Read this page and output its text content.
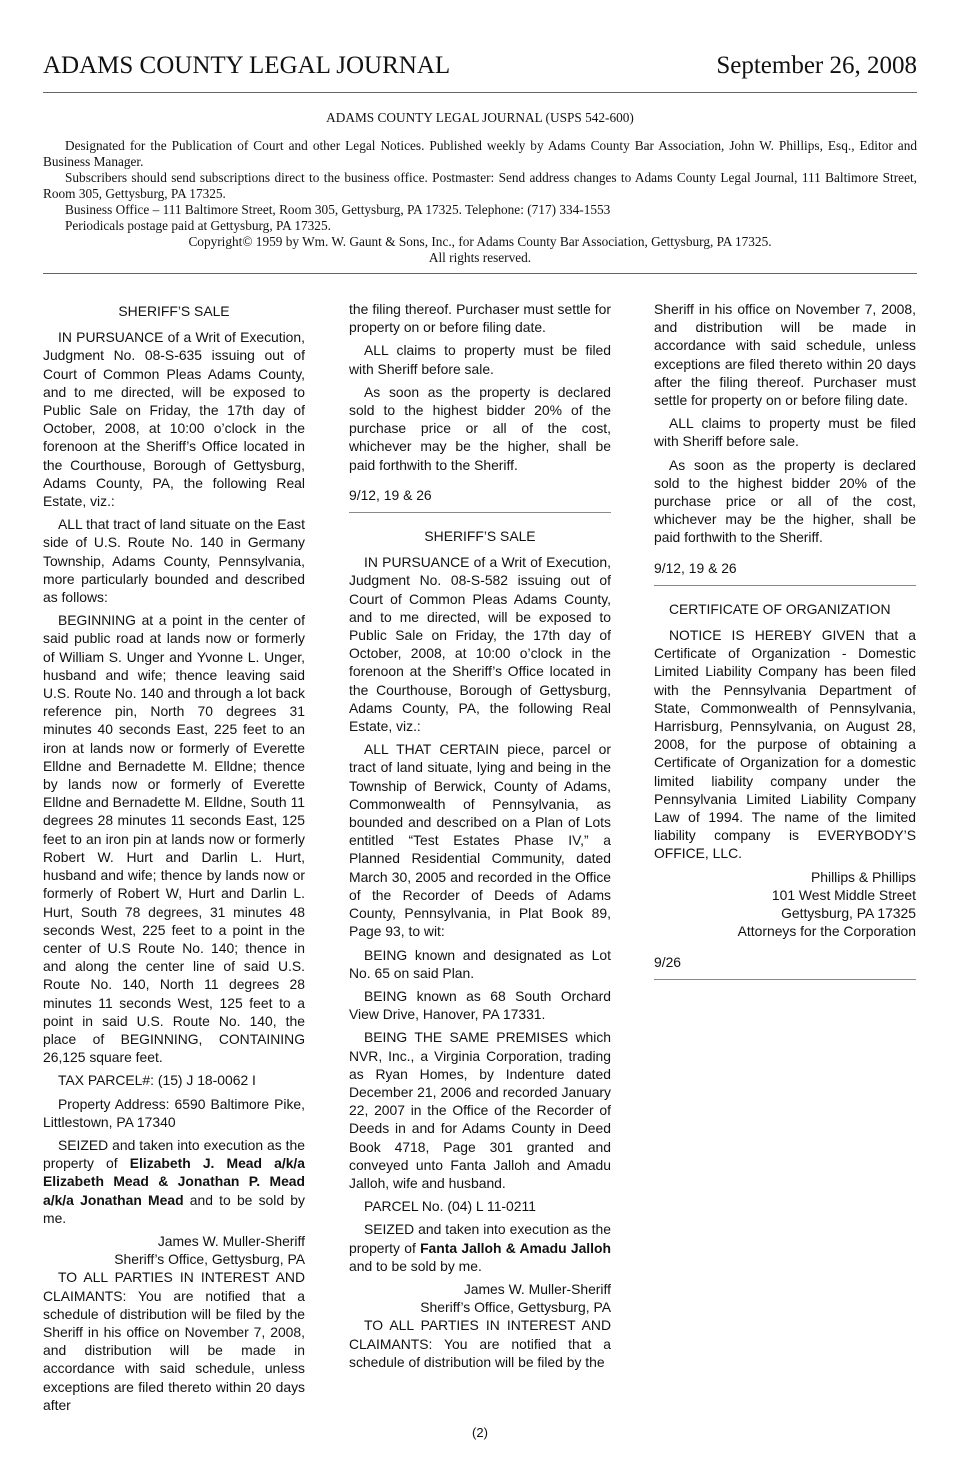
ADAMS COUNTY LEGAL JOURNAL	September 26, 2008
ADAMS COUNTY LEGAL JOURNAL (USPS 542-600)

Designated for the Publication of Court and other Legal Notices. Published weekly by Adams County Bar Association, John W. Phillips, Esq., Editor and Business Manager.

Subscribers should send subscriptions direct to the business office. Postmaster: Send address changes to Adams County Legal Journal, 111 Baltimore Street, Room 305, Gettysburg, PA 17325.

Business Office – 111 Baltimore Street, Room 305, Gettysburg, PA 17325. Telephone: (717) 334-1553

Periodicals postage paid at Gettysburg, PA 17325.

Copyright© 1959 by Wm. W. Gaunt & Sons, Inc., for Adams County Bar Association, Gettysburg, PA 17325.
All rights reserved.
SHERIFF’S SALE

IN PURSUANCE of a Writ of Execution, Judgment No. 08-S-635 issuing out of Court of Common Pleas Adams County, and to me directed, will be exposed to Public Sale on Friday, the 17th day of October, 2008, at 10:00 o’clock in the forenoon at the Sheriff’s Office located in the Courthouse, Borough of Gettysburg, Adams County, PA, the following Real Estate, viz.:

ALL that tract of land situate on the East side of U.S. Route No. 140 in Germany Township, Adams County, Pennsylvania, more particularly bounded and described as follows:

BEGINNING at a point in the center of said public road at lands now or formerly of William S. Unger and Yvonne L. Unger, husband and wife; thence leaving said U.S. Route No. 140 and through a lot back reference pin, North 70 degrees 31 minutes 40 seconds East, 225 feet to an iron at lands now or formerly of Everette Elldne and Bernadette M. Elldne; thence by lands now or formerly of Everette Elldne and Bernadette M. Elldne, South 11 degrees 28 minutes 11 seconds East, 125 feet to an iron pin at lands now or formerly Robert W. Hurt and Darlin L. Hurt, husband and wife; thence by lands now or formerly of Robert W, Hurt and Darlin L. Hurt, South 78 degrees, 31 minutes 48 seconds West, 225 feet to a point in the center of U.S Route No. 140; thence in and along the center line of said U.S. Route No. 140, North 11 degrees 28 minutes 11 seconds West, 125 feet to a point in said U.S. Route No. 140, the place of BEGINNING, CONTAINING 26,125 square feet.

TAX PARCEL#: (15) J 18-0062 I

Property Address: 6590 Baltimore Pike, Littlestown, PA 17340

SEIZED and taken into execution as the property of Elizabeth J. Mead a/k/a Elizabeth Mead & Jonathan P. Mead a/k/a Jonathan Mead and to be sold by me.

James W. Muller-Sheriff

Sheriff’s Office, Gettysburg, PA

TO ALL PARTIES IN INTEREST AND CLAIMANTS: You are notified that a schedule of distribution will be filed by the Sheriff in his office on November 7, 2008, and distribution will be made in accordance with said schedule, unless exceptions are filed thereto within 20 days after

the filing thereof. Purchaser must settle for property on or before filing date.

ALL claims to property must be filed with Sheriff before sale.

As soon as the property is declared sold to the highest bidder 20% of the purchase price or all of the cost, whichever may be the higher, shall be paid forthwith to the Sheriff.

9/12, 19 & 26

SHERIFF’S SALE

IN PURSUANCE of a Writ of Execution, Judgment No. 08-S-582 issuing out of Court of Common Pleas Adams County, and to me directed, will be exposed to Public Sale on Friday, the 17th day of October, 2008, at 10:00 o’clock in the forenoon at the Sheriff’s Office located in the Courthouse, Borough of Gettysburg, Adams County, PA, the following Real Estate, viz.:

ALL THAT CERTAIN piece, parcel or tract of land situate, lying and being in the Township of Berwick, County of Adams, Commonwealth of Pennsylvania, as bounded and described on a Plan of Lots entitled “Test Estates Phase IV,” a Planned Residential Community, dated March 30, 2005 and recorded in the Office of the Recorder of Deeds of Adams County, Pennsylvania, in Plat Book 89, Page 93, to wit:

BEING known and designated as Lot No. 65 on said Plan.

BEING known as 68 South Orchard View Drive, Hanover, PA 17331.

BEING THE SAME PREMISES which NVR, Inc., a Virginia Corporation, trading as Ryan Homes, by Indenture dated December 21, 2006 and recorded January 22, 2007 in the Office of the Recorder of Deeds in and for Adams County in Deed Book 4718, Page 301 granted and conveyed unto Fanta Jalloh and Amadu Jalloh, wife and husband.

PARCEL No. (04) L 11-0211

SEIZED and taken into execution as the property of Fanta Jalloh & Amadu Jalloh and to be sold by me.

James W. Muller-Sheriff

Sheriff’s Office, Gettysburg, PA

TO ALL PARTIES IN INTEREST AND CLAIMANTS: You are notified that a schedule of distribution will be filed by the

Sheriff in his office on November 7, 2008, and distribution will be made in accordance with said schedule, unless exceptions are filed thereto within 20 days after the filing thereof. Purchaser must settle for property on or before filing date.

ALL claims to property must be filed with Sheriff before sale.

As soon as the property is declared sold to the highest bidder 20% of the purchase price or all of the cost, whichever may be the higher, shall be paid forthwith to the Sheriff.

9/12, 19 & 26

CERTIFICATE OF ORGANIZATION

NOTICE IS HEREBY GIVEN that a Certificate of Organization - Domestic Limited Liability Company has been filed with the Pennsylvania Department of State, Commonwealth of Pennsylvania, Harrisburg, Pennsylvania, on August 28, 2008, for the purpose of obtaining a Certificate of Organization for a domestic limited liability company under the Pennsylvania Limited Liability Company Law of 1994. The name of the limited liability company is EVERYBODY’S OFFICE, LLC.

Phillips & Phillips

101 West Middle Street

Gettysburg, PA 17325

Attorneys for the Corporation

9/26

(2)
